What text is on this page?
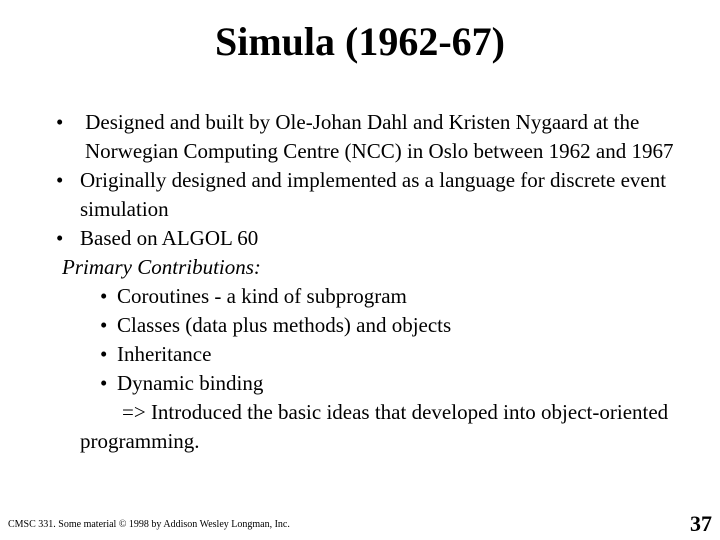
Simula (1962-67)
• Designed and built by Ole-Johan Dahl and Kristen Nygaard at the Norwegian Computing Centre (NCC) in Oslo between 1962 and 1967
• Originally designed and implemented as a language for discrete event simulation
• Based on ALGOL 60
Primary Contributions:
• Coroutines - a kind of subprogram
• Classes (data plus methods) and objects
• Inheritance
• Dynamic binding
=> Introduced the basic ideas that developed into object-oriented programming.
CMSC 331. Some material © 1998 by Addison Wesley Longman, Inc.	37
